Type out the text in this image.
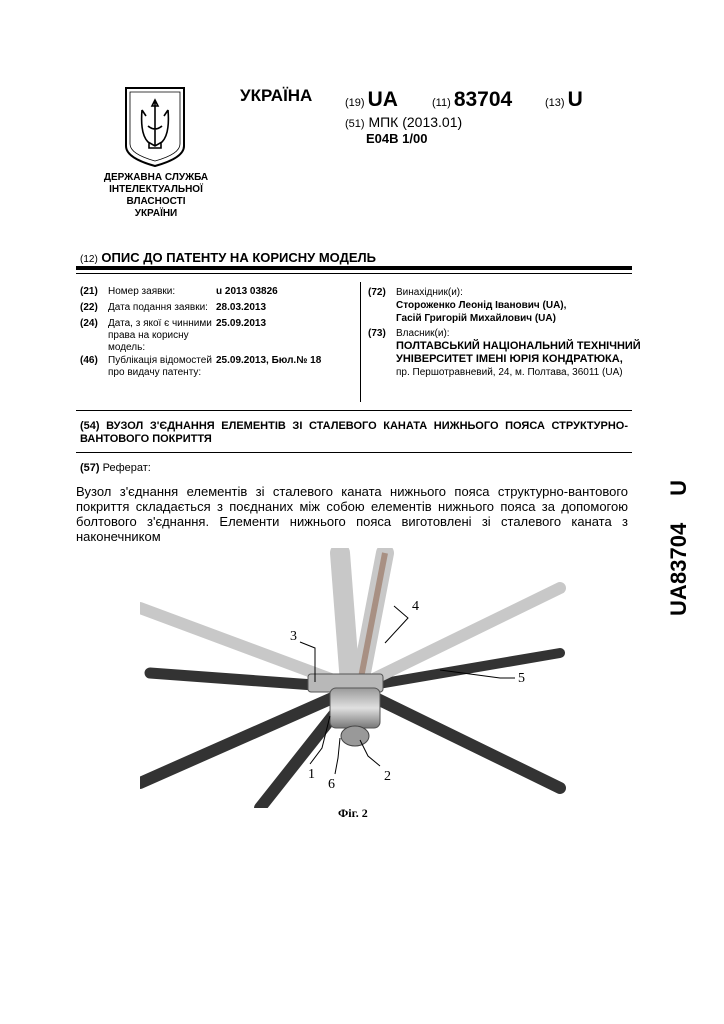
ДЕРЖАВНА СЛУЖБА
ІНТЕЛЕКТУАЛЬНОЇ
ВЛАСНОСТІ
УКРАЇНИ
УКРАЇНА	(19) UA	(11) 83704	(13) U
(51) МПК (2013.01)
E04B 1/00
(12) ОПИС ДО ПАТЕНТУ НА КОРИСНУ МОДЕЛЬ
(21) Номер заявки:	u 2013 03826
(22) Дата подання заявки: 28.03.2013
(24) Дата, з якої є чинними права на корисну модель:
25.09.2013
(46) Публікація відомостей про видачу патенту:
25.09.2013, Бюл.№ 18
(72) Винахідник(и):
Стороженко Леонід Іванович (UA),
Гасій Григорій Михайлович (UA)
(73) Власник(и):
ПОЛТАВСЬКИЙ НАЦІОНАЛЬНИЙ ТЕХНІЧНИЙ УНІВЕРСИТЕТ ІМЕНІ ЮРІЯ КОНДРАТЮКА,
пр. Першотравневий, 24, м. Полтава, 36011 (UA)
(54) ВУЗОЛ З'ЄДНАННЯ ЕЛЕМЕНТІВ ЗІ СТАЛЕВОГО КАНАТА НИЖНЬОГО ПОЯСА СТРУКТУРНО-ВАНТОВОГО ПОКРИТТЯ
(57) Реферат:
Вузол з'єднання елементів зі сталевого каната нижнього пояса структурно-вантового покриття складається з поєднаних між собою елементів нижнього пояса за допомогою болтового з'єднання. Елементи нижнього пояса виготовлені зі сталевого каната з наконечником
U
83704
UA
1	2
3
4
5
6
Фіг. 2
